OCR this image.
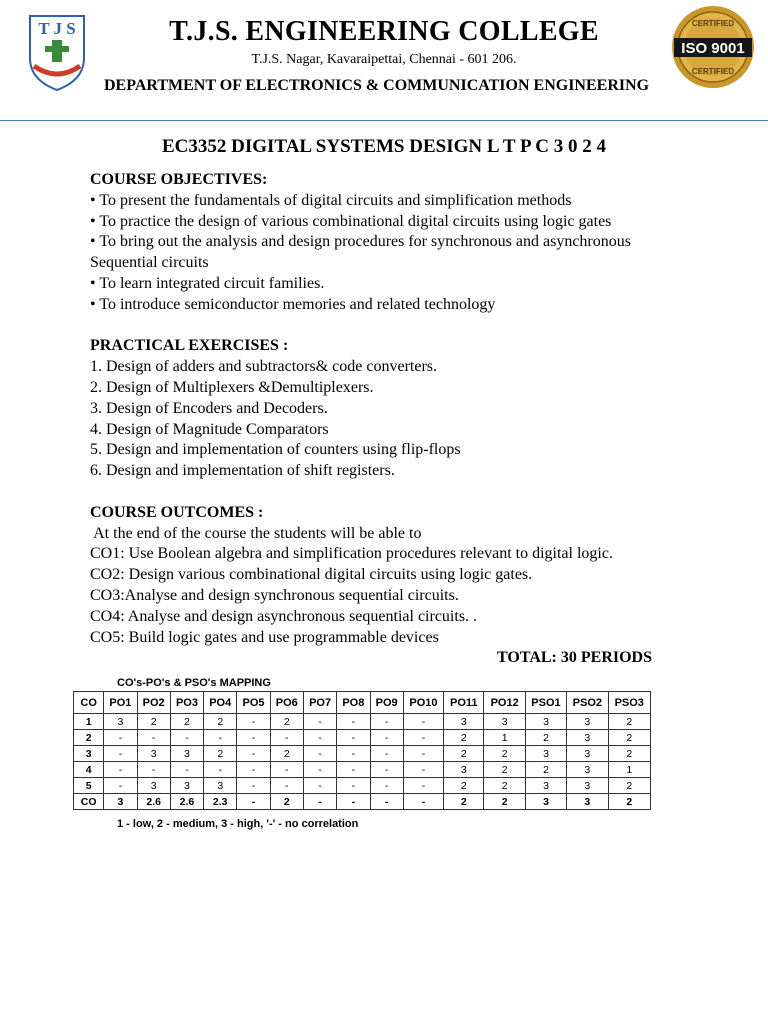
T J S	T.J.S. ENGINEERING COLLEGE
T.J.S. Nagar, Kavaraipettai, Chennai - 601 206.
DEPARTMENT OF ELECTRONICS & COMMUNICATION ENGINEERING
CERTIFIED
ISO 9001
CERTIFIED
EC3352 DIGITAL SYSTEMS DESIGN L T P C 3 0 2 4

COURSE OBJECTIVES:

• To present the fundamentals of digital circuits and simplification methods

• To practice the design of various combinational digital circuits using logic gates

• To bring out the analysis and design procedures for synchronous and asynchronous

Sequential circuits

• To learn integrated circuit families.

• To introduce semiconductor memories and related technology

PRACTICAL EXERCISES :

1. Design of adders and subtractors& code converters.

2. Design of Multiplexers &Demultiplexers.

3. Design of Encoders and Decoders.

4. Design of Magnitude Comparators

5. Design and implementation of counters using flip-flops

6. Design and implementation of shift registers.

COURSE OUTCOMES :

At the end of the course the students will be able to

CO1: Use Boolean algebra and simplification procedures relevant to digital logic.

CO2: Design various combinational digital circuits using logic gates.

CO3:Analyse and design synchronous sequential circuits.

CO4: Analyse and design asynchronous sequential circuits. .

CO5: Build logic gates and use programmable devices

TOTAL: 30 PERIODS
CO's-PO's & PSO's MAPPING
CO	PO1	PO2	PO3	PO4	PO5	PO6	PO7	PO8	PO9	PO10	PO11	PO12	PSO1	PSO2	PSO3
1	3	2	2	2	-	2	-	-	-	-	3	3	3	3	2
2	-	-	-	-	-	-	-	-	-	-	2	1	2	3	2
3	-	3	3	2	-	2	-	-	-	-	2	2	3	3	2
4	-	-	-	-	-	-	-	-	-	-	3	2	2	3	1
5	-	3	3	3	-	-	-	-	-	-	2	2	3	3	2
CO	3	2.6	2.6	2.3	-	2	-	-	-	-	2	2	3	3	2
1 - low, 2 - medium, 3 - high, '-' - no correlation
